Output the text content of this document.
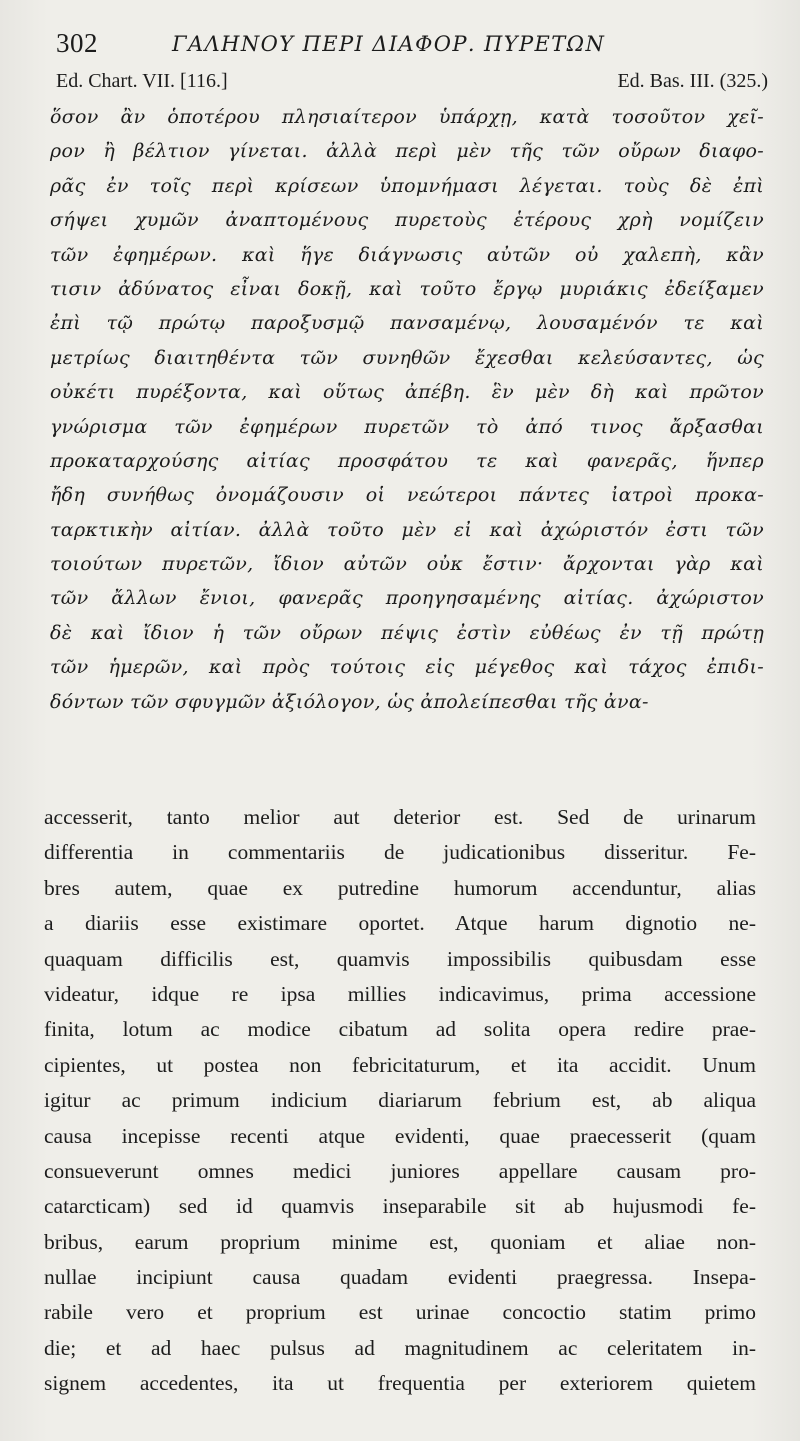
302	ΓΑΛΗΝΟΥ ΠΕΡΙ ΔΙΑΦΟΡ. ΠΥΡΕΤΩΝ
Ed. Chart. VII. [116.]	Ed. Bas. III. (325.)
ὅσον ἂν ὁποτέρου πλησιαίτερον ὑπάρχῃ, κατὰ τοσοῦτον χεῖ-
ρον ἢ βέλτιον γίνεται. ἀλλὰ περὶ μὲν τῆς τῶν οὔρων διαφο-
ρᾶς ἐν τοῖς περὶ κρίσεων ὑπομνήμασι λέγεται. τοὺς δὲ ἐπὶ
σήψει χυμῶν ἀναπτομένους πυρετοὺς ἑτέρους χρὴ νομίζειν
τῶν ἐφημέρων. καὶ ἥγε διάγνωσις αὐτῶν οὐ χαλεπὴ, κἂν
τισιν ἀδύνατος εἶναι δοκῇ, καὶ τοῦτο ἔργῳ μυριάκις ἐδείξαμεν
ἐπὶ τῷ πρώτῳ παροξυσμῷ πανσαμένῳ, λουσαμένόν τε καὶ
μετρίως διαιτηθέντα τῶν συνηθῶν ἔχεσθαι κελεύσαντες, ὡς
οὐκέτι πυρέξοντα, καὶ οὕτως ἀπέβη. ἓν μὲν δὴ καὶ πρῶτον
γνώρισμα τῶν ἐφημέρων πυρετῶν τὸ ἀπό τινος ἄρξασθαι
προκαταρχούσης αἰτίας προσφάτου τε καὶ φανερᾶς, ἥνπερ
ἤδη συνήθως ὀνομάζουσιν οἱ νεώτεροι πάντες ἰατροὶ προκα-
ταρκτικὴν αἰτίαν. ἀλλὰ τοῦτο μὲν εἰ καὶ ἀχώριστόν ἐστι τῶν
τοιούτων πυρετῶν, ἴδιον αὐτῶν οὐκ ἔστιν· ἄρχονται γὰρ καὶ
τῶν ἄλλων ἔνιοι, φανερᾶς προηγησαμένης αἰτίας. ἀχώριστον
δὲ καὶ ἴδιον ἡ τῶν οὔρων πέψις ἐστὶν εὐθέως ἐν τῇ πρώτῃ
τῶν ἡμερῶν, καὶ πρὸς τούτοις εἰς μέγεθος καὶ τάχος ἐπιδι-
δόντων τῶν σφυγμῶν ἀξιόλογον, ὡς ἀπολείπεσθαι τῆς ἀνα-
accesserit, tanto melior aut deterior est. Sed de urinarum
differentia in commentariis de judicationibus disseritur. Fe-
bres autem, quae ex putredine humorum accenduntur, alias
a diariis esse existimare oportet. Atque harum dignotio ne-
quaquam difficilis est, quamvis impossibilis quibusdam esse
videatur, idque re ipsa millies indicavimus, prima accessione
finita, lotum ac modice cibatum ad solita opera redire prae-
cipientes, ut postea non febricitaturum, et ita accidit. Unum
igitur ac primum indicium diariarum febrium est, ab aliqua
causa incepisse recenti atque evidenti, quae praecesserit (quam
consueverunt omnes medici juniores appellare causam pro-
catarcticam) sed id quamvis inseparabile sit ab hujusmodi fe-
bribus, earum proprium minime est, quoniam et aliae non-
nullae incipiunt causa quadam evidenti praegressa. Insepa-
rabile vero et proprium est urinae concoctio statim primo
die; et ad haec pulsus ad magnitudinem ac celeritatem in-
signem accedentes, ita ut frequentia per exteriorem quietem
